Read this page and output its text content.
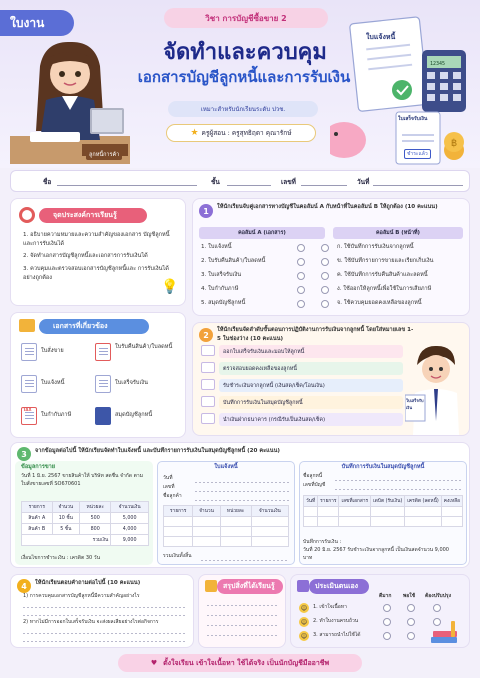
ใบงาน	วิชา การบัญชีซื้อขาย 2
จัดทำและควบคุม
เอกสารบัญชีลูกหนี้และการรับเงิน
เหมาะสำหรับนักเรียนระดับ ปวช.
★ ครูผู้สอน : ครูสุทธิฤดา คุณารักษ์
ลูกหนี้การค้า
฿
ใบแจ้งหนี้
12345
ใบเสร็จรับเงิน
ชำระแล้ว
ชื่อ	ชั้น	เลขที่	วันที่
จุดประสงค์การเรียนรู้
1. อธิบายความหมายและความสำคัญของเอกสาร บัญชีลูกหนี้และการรับเงินได้
2. จัดทำเอกสารบัญชีลูกหนี้และเอกสารการรับเงินได้
3. ควบคุมและตรวจสอบเอกสารบัญชีลูกหนี้และ การรับเงินได้อย่างถูกต้อง
💡
เอกสารที่เกี่ยวข้อง
ใบสั่งขาย
ใบรับคืนสินค้า/ใบลดหนี้
ใบแจ้งหนี้	ใบเสร็จรับเงิน
TAX
ใบกำกับภาษี	สมุดบัญชีลูกหนี้
1	ให้นักเรียนจับคู่เอกสารทางบัญชีในคอลัมน์ A กับหน้าที่ในคอลัมน์ B ให้ถูกต้อง (10 คะแนน)
คอลัมน์ A (เอกสาร)	คอลัมน์ B (หน้าที่)
1. ใบแจ้งหนี้	ก. ใช้บันทึกการรับเงินจากลูกหนี้
2. ใบรับคืนสินค้า/ใบลดหนี้	ข. ใช้บันทึกรายการขายและเรียกเก็บเงิน
3. ใบเสร็จรับเงิน	ค. ใช้บันทึกการรับคืนสินค้าและลดหนี้
4. ใบกำกับภาษี	ง. ใช้ออกให้ลูกหนี้เพื่อใช้ในการเสียภาษี
5. สมุดบัญชีลูกหนี้	จ. ใช้ควบคุมยอดคงเหลือของลูกหนี้
2
ให้นักเรียนจัดลำดับขั้นตอนการปฏิบัติงานการรับเงินจากลูกหนี้ โดยใส่หมายเลข 1-5 ในช่องว่าง (10 คะแนน)
ออกใบเสร็จรับเงินและมอบให้ลูกหนี้
ตรวจสอบยอดคงเหลือของลูกหนี้
รับชำระเงินจากลูกหนี้ (เงินสด/เช็ค/โอนเงิน)
บันทึกการรับเงินในสมุดบัญชีลูกหนี้
นำเงินฝากธนาคาร (กรณีรับเป็นเงินสด/เช็ค)
ใบเสร็จรับเงิน
3	จากข้อมูลต่อไปนี้ ให้นักเรียนจัดทำใบแจ้งหนี้ และบันทึกรายการรับเงินในสมุดบัญชีลูกหนี้ (20 คะแนน)
ข้อมูลการขาย
วันที่ 1 มิ.ย. 2567 ขายสินค้าให้ บริษัท สดชื่น จำกัด ตามใบสั่งขายเลขที่ SO670601
รายการ	จำนวน	หน่วยละ	จำนวนเงิน
สินค้า A	10 ชิ้น	500	5,000
สินค้า B	5 ชิ้น	800	4,000
รวมเงิน			9,000
เงื่อนไขการชำระเงิน : เครดิต 30 วัน
ใบแจ้งหนี้
วันที่
เลขที่
ชื่อลูกค้า
รายการ	จำนวน	หน่วยละ	จำนวนเงิน

รวมเงินทั้งสิ้น
บันทึกการรับเงินในสมุดบัญชีลูกหนี้
ชื่อลูกหนี้
เลขที่บัญชี
วันที่	รายการ	เลขที่เอกสาร	เดบิต (รับเงิน)	เครดิต (ลดหนี้)	คงเหลือ

บันทึกการรับเงิน :
วันที่ 20 มิ.ย. 2567 รับชำระเงินจากลูกหนี้ เป็นเงินสดจำนวน 9,000 บาท
4	ให้นักเรียนตอบคำถามต่อไปนี้ (10 คะแนน)
1) การควบคุมเอกสารบัญชีลูกหนี้มีความสำคัญอย่างไร
2) หากไม่มีการออกใบเสร็จรับเงิน จะส่งผลเสียอย่างไรต่อกิจการ
สรุปสิ่งที่ได้เรียนรู้	ประเมินตนเอง
ดีมาก พอใช้ ต้องปรับปรุง
☺	1. เข้าใจเนื้อหา
☺	2. ทำใบงานครบถ้วน
☺	3. สามารถนำไปใช้ได้
♥ ตั้งใจเรียน เข้าใจเนื้อหา ใช้ได้จริง เป็นนักบัญชีมืออาชีพ
